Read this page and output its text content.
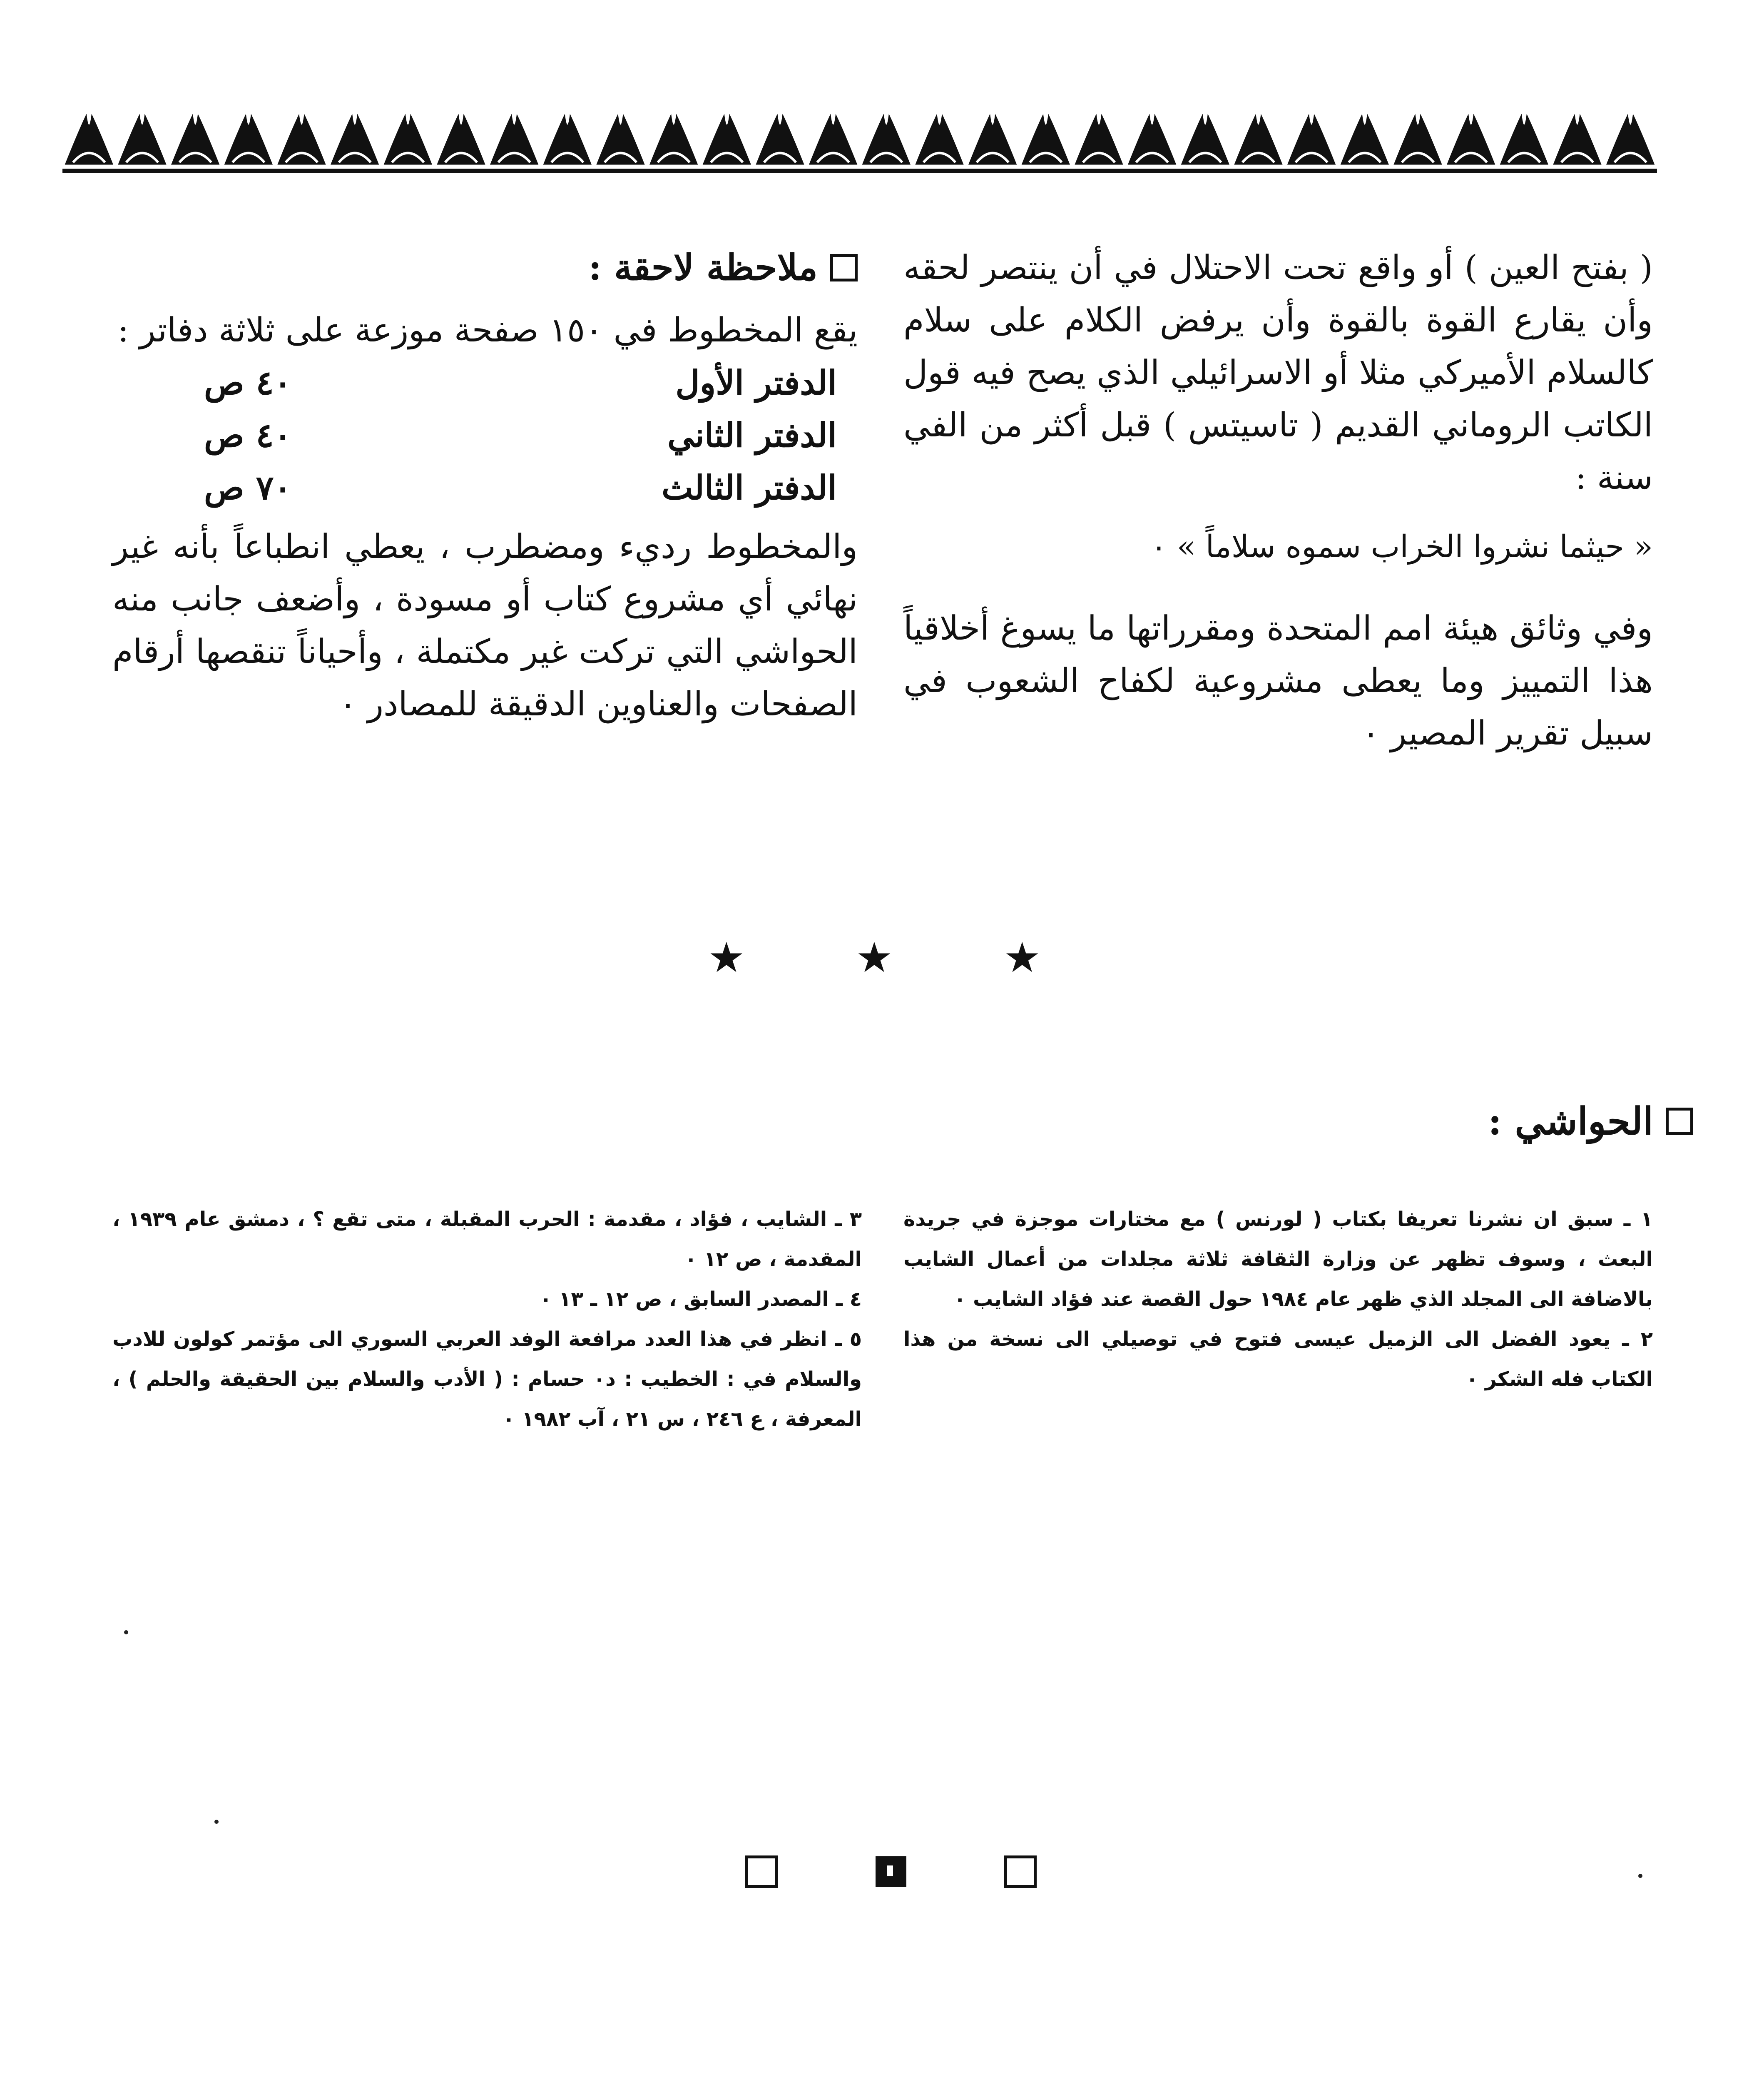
( بفتح العين ) أو واقع تحت الاحتلال في أن ينتصر لحقه وأن يقارع القوة بالقوة وأن يرفض الكلام على سلام كالسلام الأميركي مثلا أو الاسرائيلي الذي يصح فيه قول الكاتب الروماني القديم ( تاسيتس ) قبل أكثر من الفي سنة :

« حيثما نشروا الخراب سموه سلاماً » ٠

وفي وثائق هيئة امم المتحدة ومقرراتها ما يسوغ أخلاقياً هذا التمييز وما يعطى مشروعية لكفاح الشعوب في سبيل تقرير المصير ٠

ملاحظة لاحقة :

يقع المخطوط في ١٥٠ صفحة موزعة على ثلاثة دفاتر :

الدفتر الأول
٤٠ ص
الدفتر الثاني
٤٠ ص
الدفتر الثالث
٧٠ ص

والمخطوط رديء ومضطرب ، يعطي انطباعاً بأنه غير نهائي أي مشروع كتاب أو مسودة ، وأضعف جانب منه الحواشي التي تركت غير مكتملة ، وأحياناً تنقصها أرقام الصفحات والعناوين الدقيقة للمصادر ٠

★	★	★
الحواشي :

١ ـ سبق ان نشرنا تعريفا بكتاب ( لورنس ) مع مختارات موجزة في جريدة البعث ، وسوف تظهر عن وزارة الثقافة ثلاثة مجلدات من أعمال الشايب بالاضافة الى المجلد الذي ظهر عام ١٩٨٤ حول القصة عند فؤاد الشايب ٠

٢ ـ يعود الفضل الى الزميل عيسى فتوح في توصيلي الى نسخة من هذا الكتاب فله الشكر ٠

٣ ـ الشايب ، فؤاد ، مقدمة : الحرب المقبلة ، متى تقع ؟ ، دمشق عام ١٩٣٩ ، المقدمة ، ص ١٢ ٠

٤ ـ المصدر السابق ، ص ١٢ ـ ١٣ ٠

٥ ـ انظر في هذا العدد مرافعة الوفد العربي السوري الى مؤتمر كولون للادب والسلام في : الخطيب : د٠ حسام : ( الأدب والسلام بين الحقيقة والحلم ) ، المعرفة ، ع ٢٤٦ ، س ٢١ ، آب ١٩٨٢ ٠
